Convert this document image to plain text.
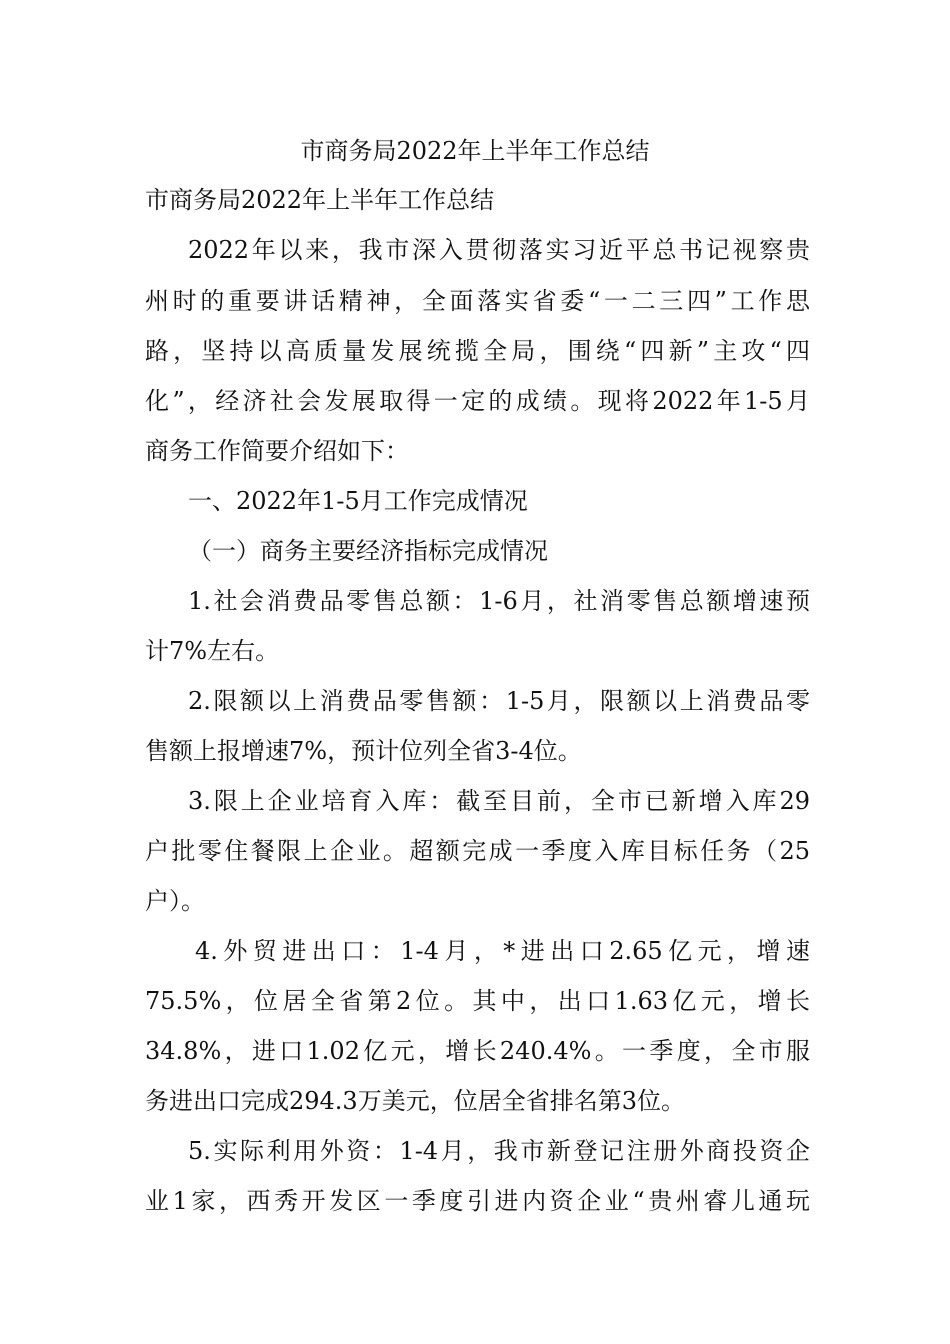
市商务局2022年上半年工作总结
市商务局2022年上半年工作总结
2022年以来，我市深入贯彻落实习近平总书记视察贵
州时的重要讲话精神，全面落实省委“一二三四”工作思
路，坚持以高质量发展统揽全局，围绕“四新”主攻“四
化”，经济社会发展取得一定的成绩。现将2022年1-5月
商务工作简要介绍如下：
一、2022年1-5月工作完成情况
（一）商务主要经济指标完成情况
1.社会消费品零售总额：1-6月，社消零售总额增速预
计7%左右。
2.限额以上消费品零售额：1-5月，限额以上消费品零
售额上报增速7%，预计位列全省3-4位。
3.限上企业培育入库：截至目前，全市已新增入库29
户批零住餐限上企业。超额完成一季度入库目标任务（25
户）。
4.外贸进出口：1-4月，*进出口2.65亿元，增速
75.5%，位居全省第2位。其中，出口1.63亿元，增长
34.8%，进口1.02亿元，增长240.4%。一季度，全市服
务进出口完成294.3万美元，位居全省排名第3位。
5.实际利用外资：1-4月，我市新登记注册外商投资企
业1家，西秀开发区一季度引进内资企业“贵州睿儿通玩
